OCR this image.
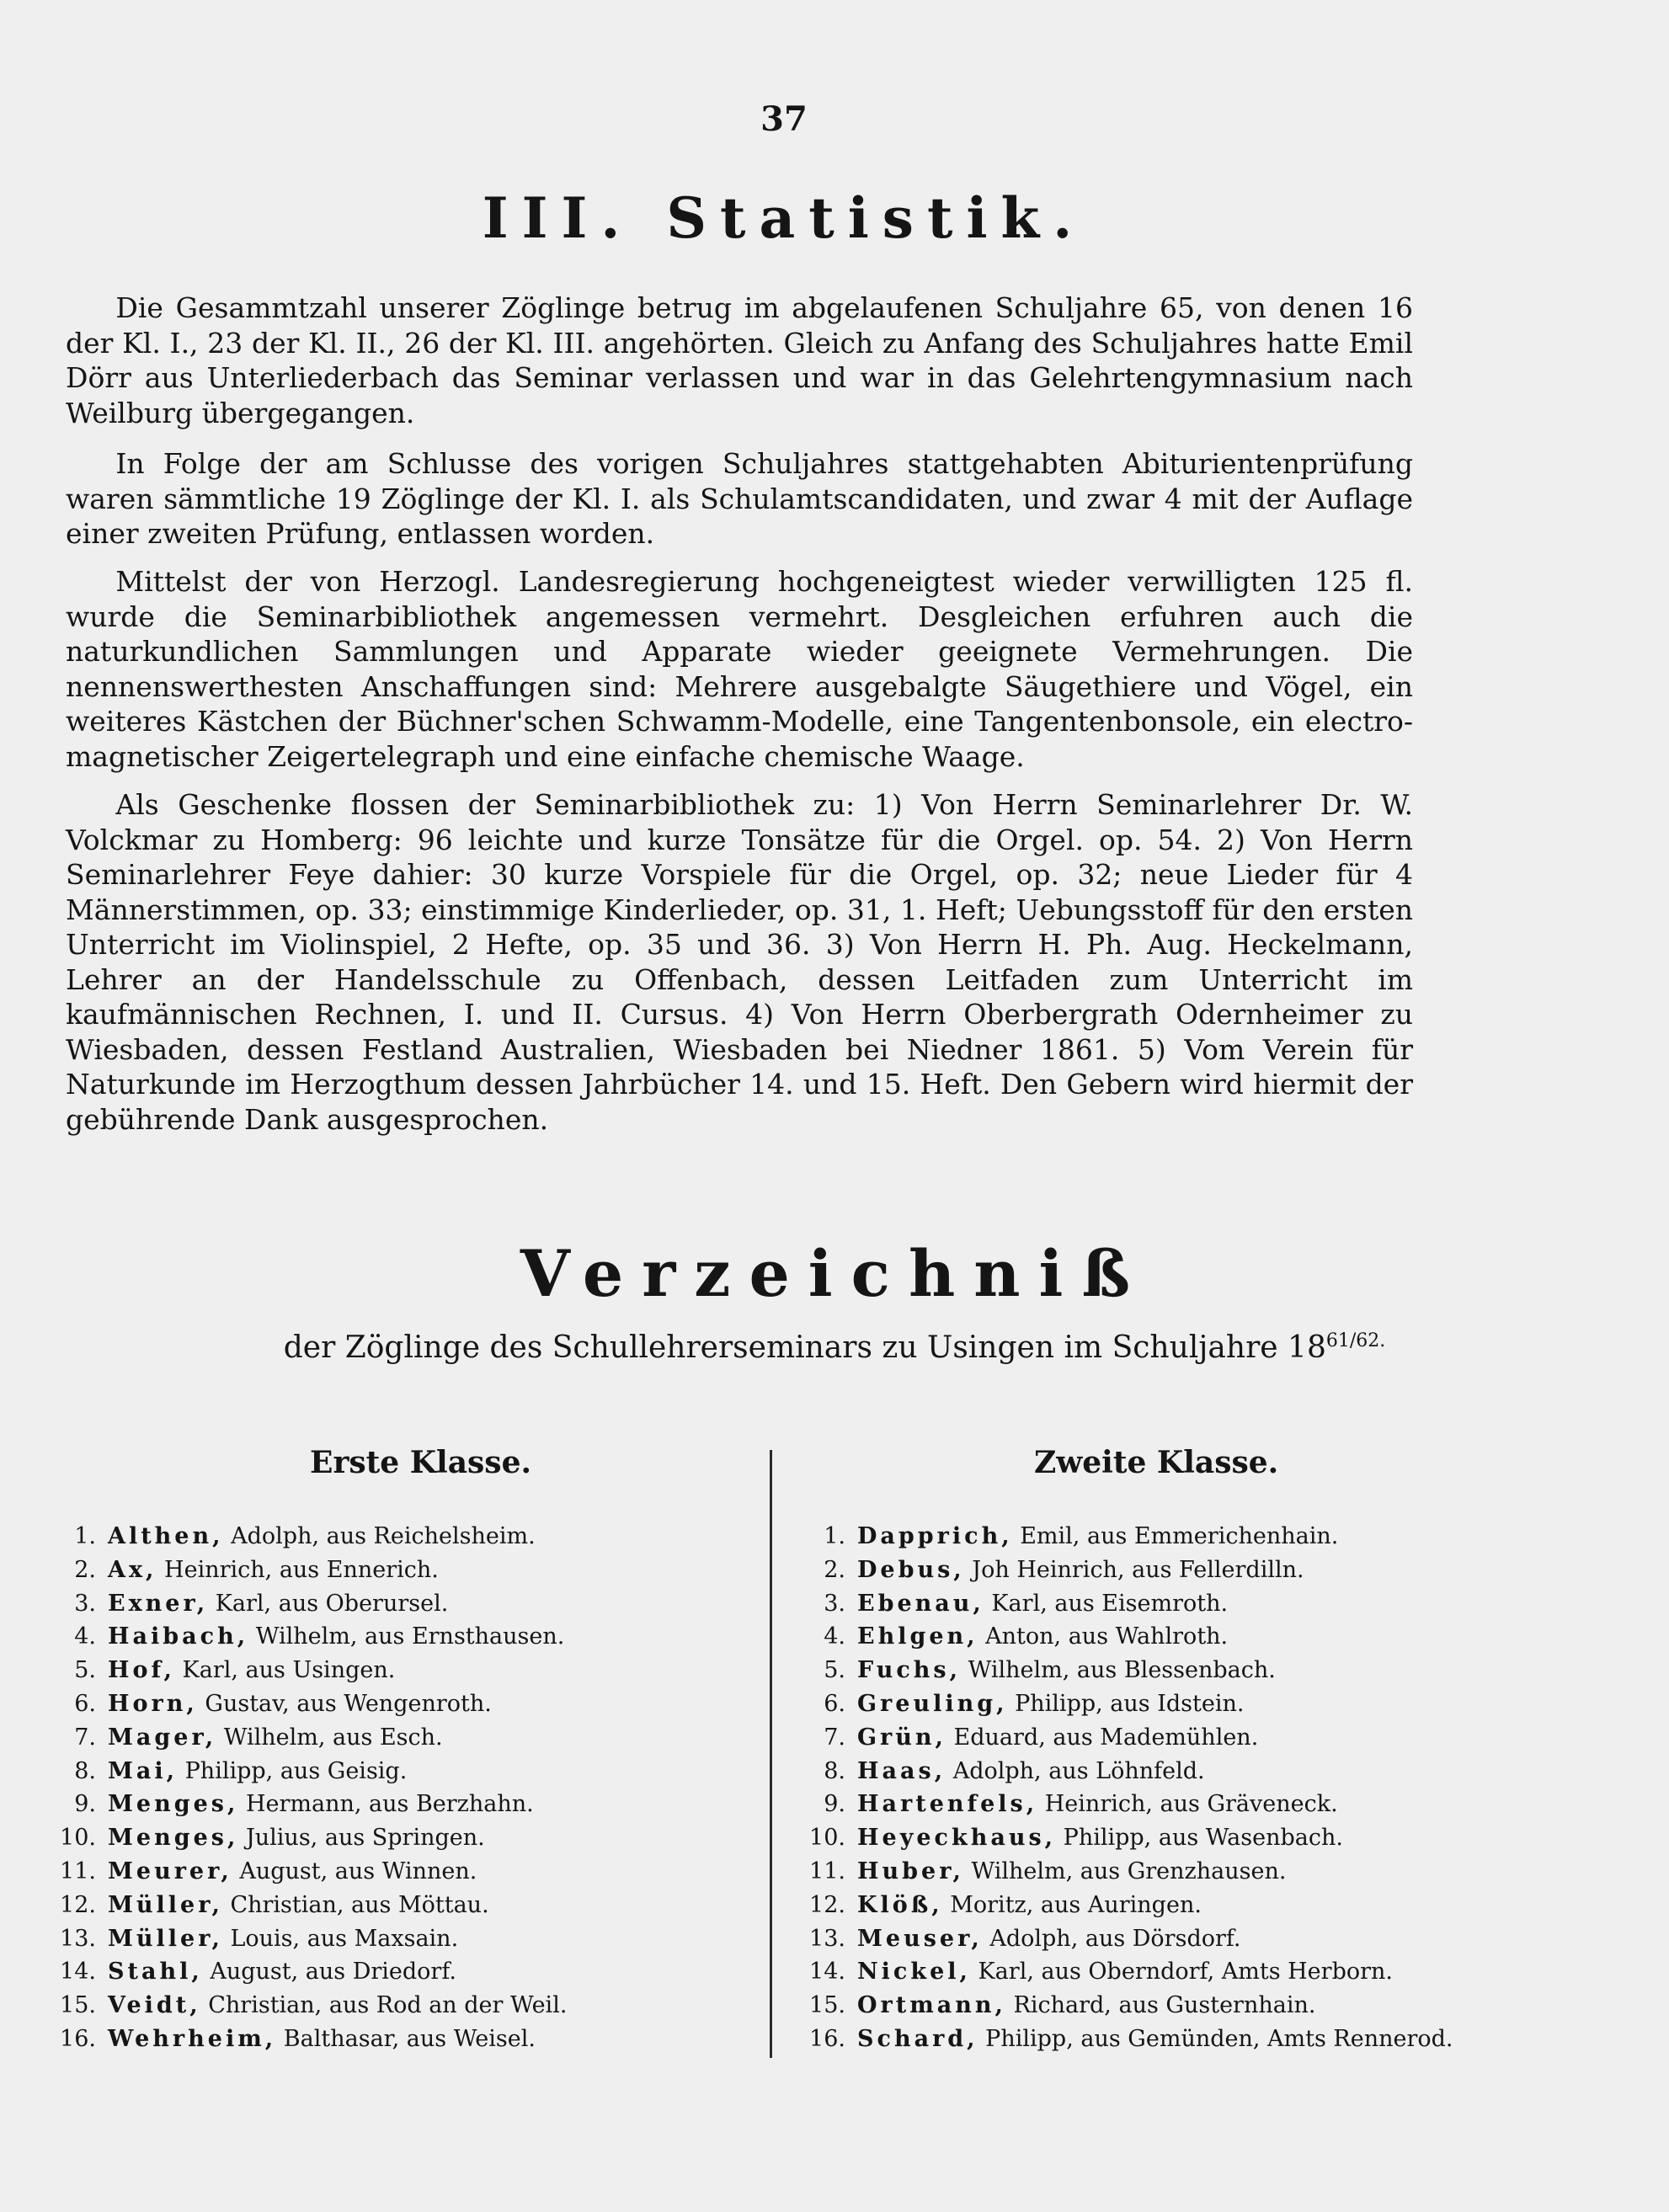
37
III. Statistik.

Die Gesammtzahl unserer Zöglinge betrug im abgelaufenen Schuljahre 65, von denen 16 der Kl. I., 23 der Kl. II., 26 der Kl. III. angehörten. Gleich zu Anfang des Schuljahres hatte Emil Dörr aus Unterliederbach das Seminar verlassen und war in das Gelehrtengymnasium nach Weilburg übergegangen.

In Folge der am Schlusse des vorigen Schuljahres stattgehabten Abiturientenprüfung waren sämmtliche 19 Zöglinge der Kl. I. als Schulamtscandidaten, und zwar 4 mit der Auflage einer zweiten Prüfung, entlassen worden.

Mittelst der von Herzogl. Landesregierung hochgeneigtest wieder verwilligten 125 fl. wurde die Seminarbibliothek angemessen vermehrt. Desgleichen erfuhren auch die naturkundlichen Sammlungen und Apparate wieder geeignete Vermehrungen. Die nennenswerthesten Anschaffungen sind: Mehrere ausgebalgte Säugethiere und Vögel, ein weiteres Kästchen der Büchner'schen Schwamm-Modelle, eine Tangentenbonsole, ein electro-magnetischer Zeigertelegraph und eine einfache chemische Waage.

Als Geschenke flossen der Seminarbibliothek zu: 1) Von Herrn Seminarlehrer Dr. W. Volckmar zu Homberg: 96 leichte und kurze Tonsätze für die Orgel. op. 54. 2) Von Herrn Seminarlehrer Feye dahier: 30 kurze Vorspiele für die Orgel, op. 32; neue Lieder für 4 Männerstimmen, op. 33; einstimmige Kinderlieder, op. 31, 1. Heft; Uebungsstoff für den ersten Unterricht im Violinspiel, 2 Hefte, op. 35 und 36. 3) Von Herrn H. Ph. Aug. Heckelmann, Lehrer an der Handelsschule zu Offenbach, dessen Leitfaden zum Unterricht im kaufmännischen Rechnen, I. und II. Cursus. 4) Von Herrn Oberbergrath Odernheimer zu Wiesbaden, dessen Festland Australien, Wiesbaden bei Niedner 1861. 5) Vom Verein für Naturkunde im Herzogthum dessen Jahrbücher 14. und 15. Heft. Den Gebern wird hiermit der gebührende Dank ausgesprochen.

Verzeichniß
der Zöglinge des Schullehrerseminars zu Usingen im Schuljahre $18^{61/62.}$
Erste Klasse.	Zweite Klasse.
1. Althen,
Adolph, aus Reichelsheim.
2. Ax,
Heinrich, aus Ennerich.
3. Exner,
Karl, aus Oberursel.
4. Haibach,
Wilhelm, aus Ernsthausen.
5. Hof,
Karl, aus Usingen.
6. Horn,
Gustav, aus Wengenroth.
7. Mager,
Wilhelm, aus Esch.
8. Mai,
Philipp, aus Geisig.
9. Menges,
Hermann, aus Berzhahn.
10. Menges,
Julius, aus Springen.
11. Meurer,
August, aus Winnen.
12. Müller,
Christian, aus Möttau.
13. Müller,
Louis, aus Maxsain.
14. Stahl,
August, aus Driedorf.
15. Veidt,
Christian, aus Rod an der Weil.
16. Wehrheim,
Balthasar, aus Weisel.
1. Dapprich,
Emil, aus Emmerichenhain.
2. Debus,
Joh Heinrich, aus Fellerdilln.
3. Ebenau,
Karl, aus Eisemroth.
4. Ehlgen,
Anton, aus Wahlroth.
5. Fuchs,
Wilhelm, aus Blessenbach.
6. Greuling,
Philipp, aus Idstein.
7. Grün,
Eduard, aus Mademühlen.
8. Haas,
Adolph, aus Löhnfeld.
9. Hartenfels,
Heinrich, aus Gräveneck.
10. Heyeckhaus,
Philipp, aus Wasenbach.
11. Huber,
Wilhelm, aus Grenzhausen.
12. Klöß,
Moritz, aus Auringen.
13. Meuser,
Adolph, aus Dörsdorf.
14. Nickel,
Karl, aus Oberndorf, Amts Herborn.
15. Ortmann,
Richard, aus Gusternhain.
16. Schard,
Philipp, aus Gemünden, Amts Rennerod.
